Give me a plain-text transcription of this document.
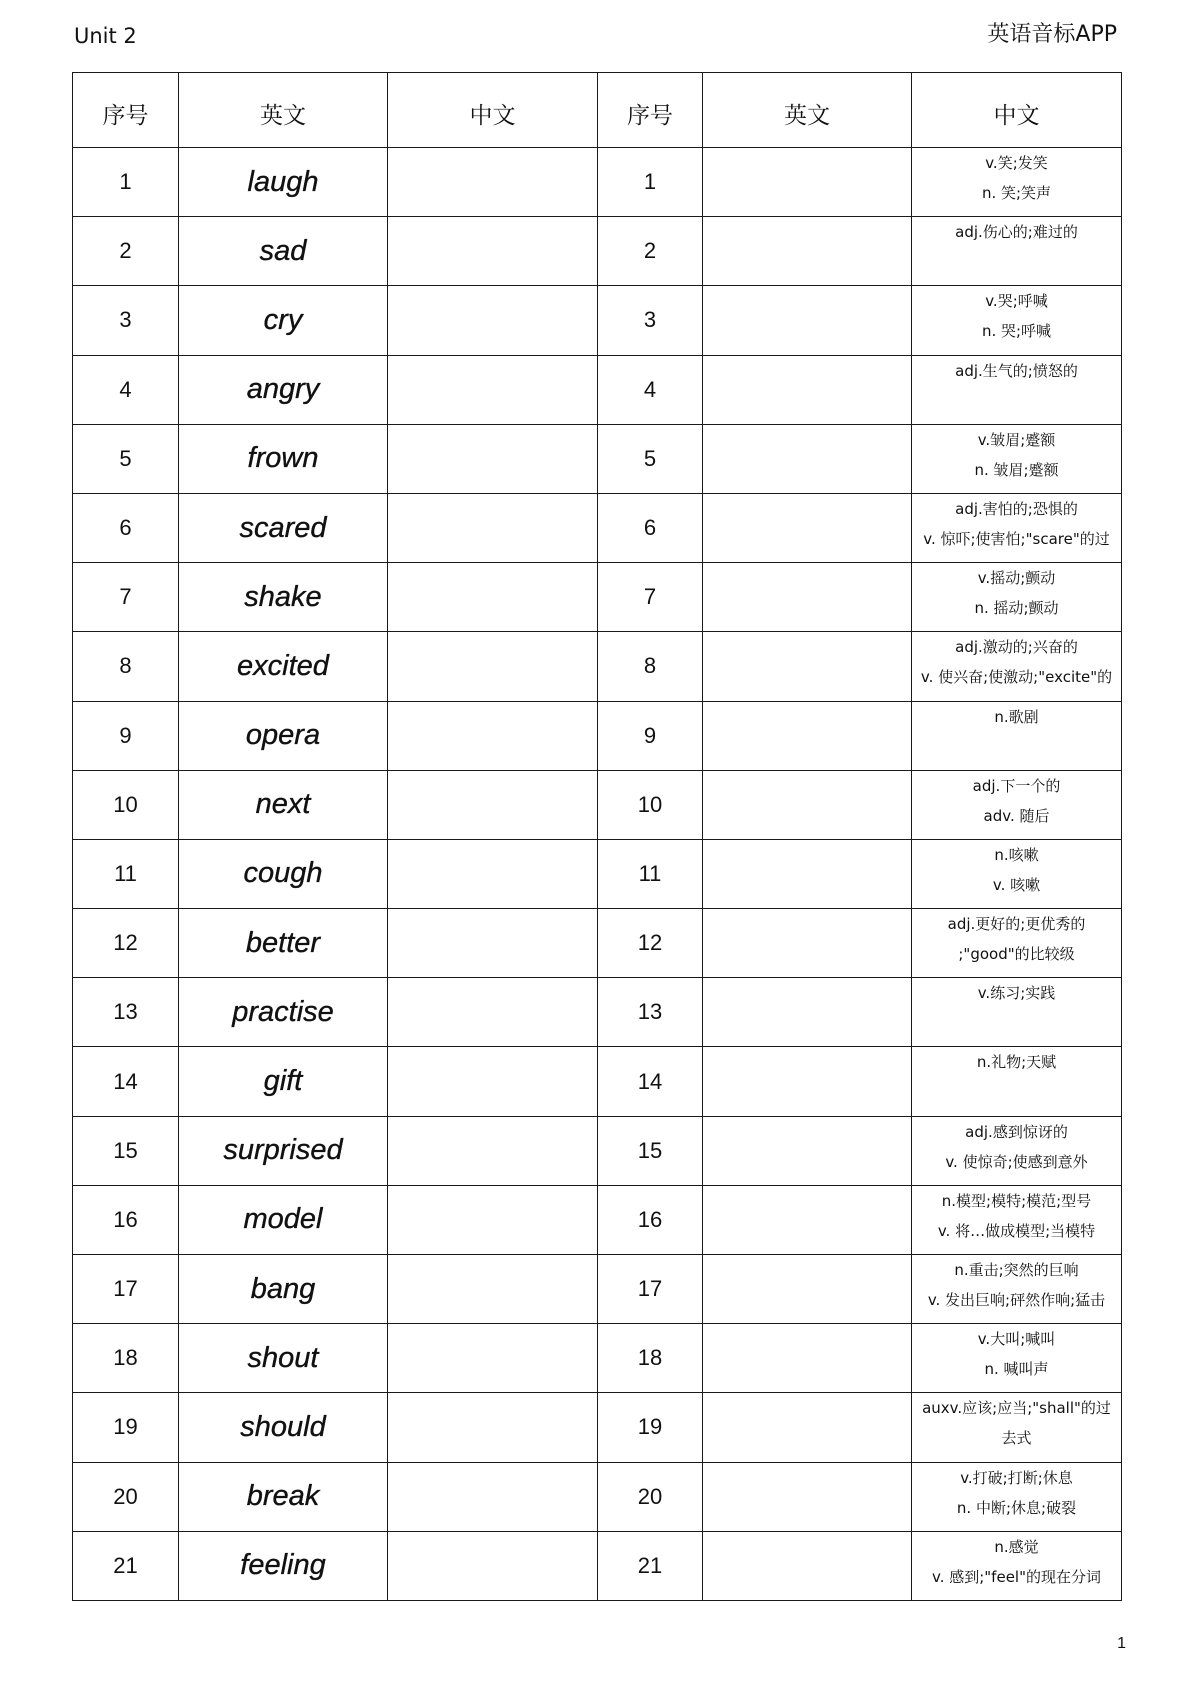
Unit 2	英语音标APP
序号	英文	中文	序号	英文	中文
1	laugh		1		v.笑;发笑
n. 笑;笑声

2	sad		2		adj.伤心的;难过的

3	cry		3		v.哭;呼喊
n. 哭;呼喊

4	angry		4		adj.生气的;愤怒的

5	frown		5		v.皱眉;蹙额
n. 皱眉;蹙额

6	scared		6		adj.害怕的;恐惧的
v. 惊吓;使害怕;"scare"的过

7	shake		7		v.摇动;颤动
n. 摇动;颤动

8	excited		8		adj.激动的;兴奋的
v. 使兴奋;使激动;"excite"的

9	opera		9		n.歌剧

10	next		10		adj.下一个的
adv. 随后

11	cough		11		n.咳嗽
v. 咳嗽

12	better		12		adj.更好的;更优秀的
;"good"的比较级

13	practise		13		v.练习;实践

14	gift		14		n.礼物;天赋

15	surprised		15		adj.感到惊讶的
v. 使惊奇;使感到意外

16	model		16		n.模型;模特;模范;型号
v. 将…做成模型;当模特

17	bang		17		n.重击;突然的巨响
v. 发出巨响;砰然作响;猛击

18	shout		18		v.大叫;喊叫
n. 喊叫声

19	should		19		auxv.应该;应当;"shall"的过
去式

20	break		20		v.打破;打断;休息
n. 中断;休息;破裂

21	feeling		21		n.感觉
v. 感到;"feel"的现在分词
1
